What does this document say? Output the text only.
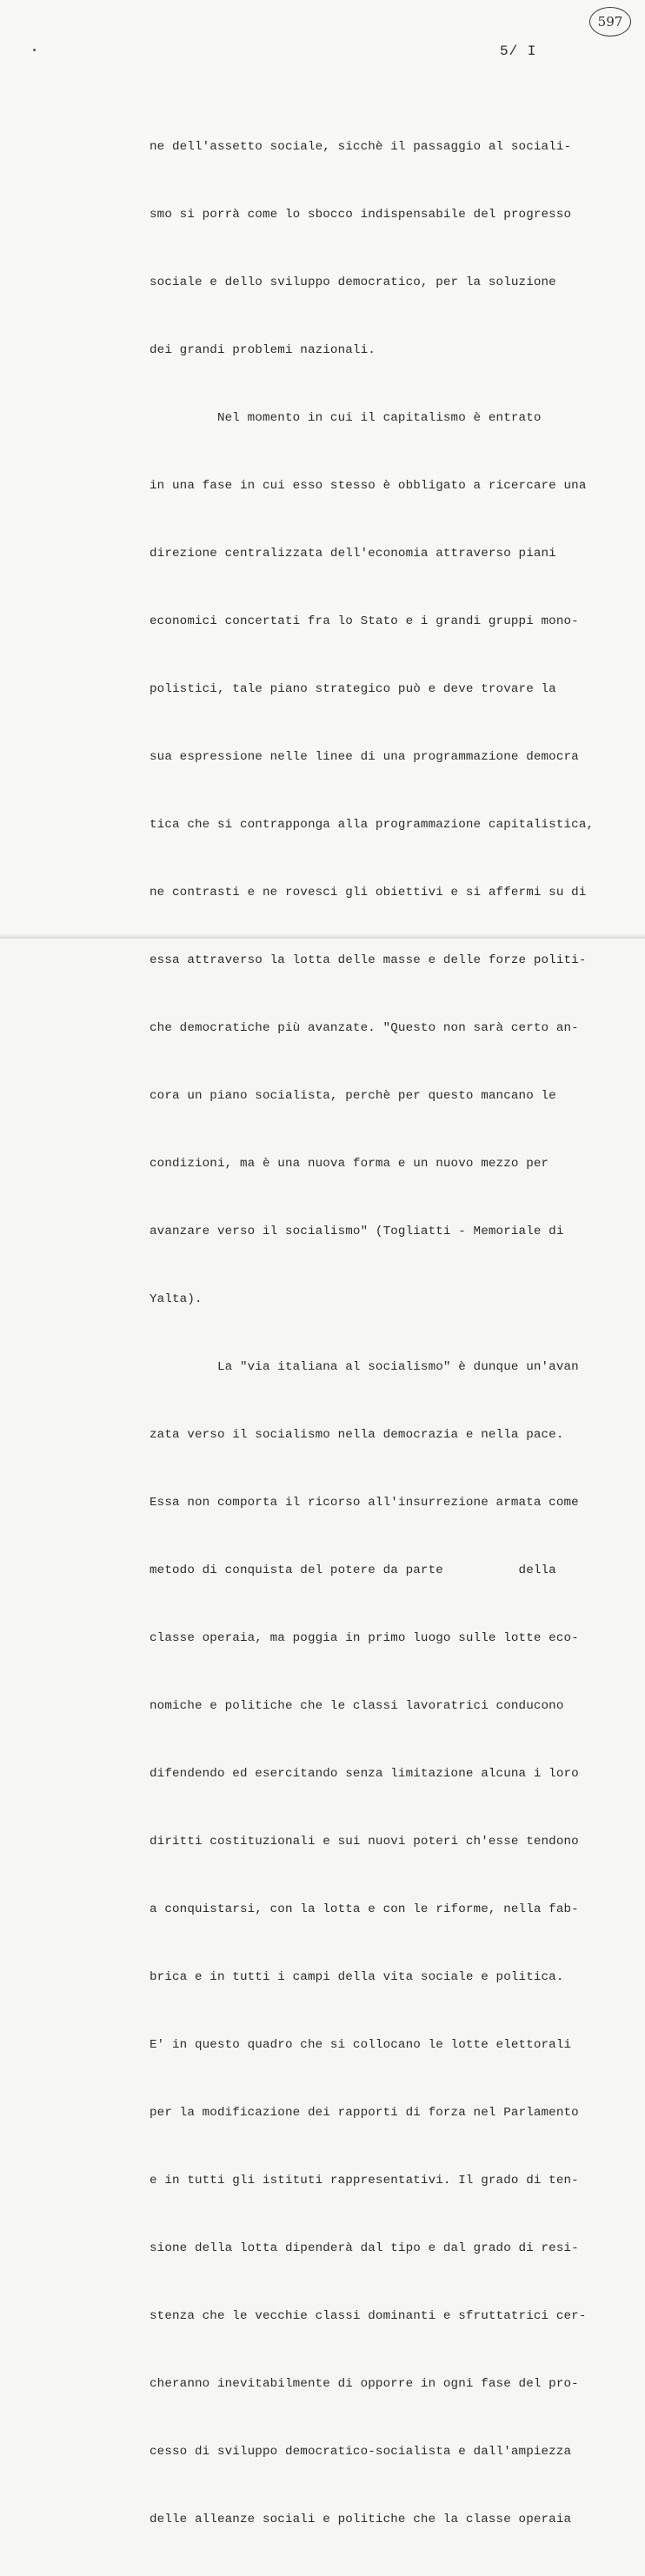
597
5/ I

ne dell'assetto sociale, sicchè il passaggio al sociali-

smo si porrà come lo sbocco indispensabile del progresso

sociale e dello sviluppo democratico, per la soluzione

dei grandi problemi nazionali.

Nel momento in cui il capitalismo è entrato

in una fase in cui esso stesso è obbligato a ricercare una

direzione centralizzata dell'economia attraverso piani

economici concertati fra lo Stato e i grandi gruppi mono-

polistici, tale piano strategico può e deve trovare la

sua espressione nelle linee di una programmazione democra

tica che si contrapponga alla programmazione capitalistica,

ne contrasti e ne rovesci gli obiettivi e si affermi su di

essa attraverso la lotta delle masse e delle forze politi-

che democratiche più avanzate. "Questo non sarà certo an-

cora un piano socialista, perchè per questo mancano le

condizioni, ma è una nuova forma e un nuovo mezzo per

avanzare verso il socialismo" (Togliatti - Memoriale di

Yalta).

La "via italiana al socialismo" è dunque un'avan

zata verso il socialismo nella democrazia e nella pace.

Essa non comporta il ricorso all'insurrezione armata come

metodo di conquista del potere da parte          della

classe operaia, ma poggia in primo luogo sulle lotte eco-

nomiche e politiche che le classi lavoratrici conducono

difendendo ed esercitando senza limitazione alcuna i loro

diritti costituzionali e sui nuovi poteri ch'esse tendono

a conquistarsi, con la lotta e con le riforme, nella fab-

brica e in tutti i campi della vita sociale e politica.

E' in questo quadro che si collocano le lotte elettorali

per la modificazione dei rapporti di forza nel Parlamento

e in tutti gli istituti rappresentativi. Il grado di ten-

sione della lotta dipenderà dal tipo e dal grado di resi-

stenza che le vecchie classi dominanti e sfruttatrici cer-

cheranno inevitabilmente di opporre in ogni fase del pro-

cesso di sviluppo democratico-socialista e dall'ampiezza

delle alleanze sociali e politiche che la classe operaia
